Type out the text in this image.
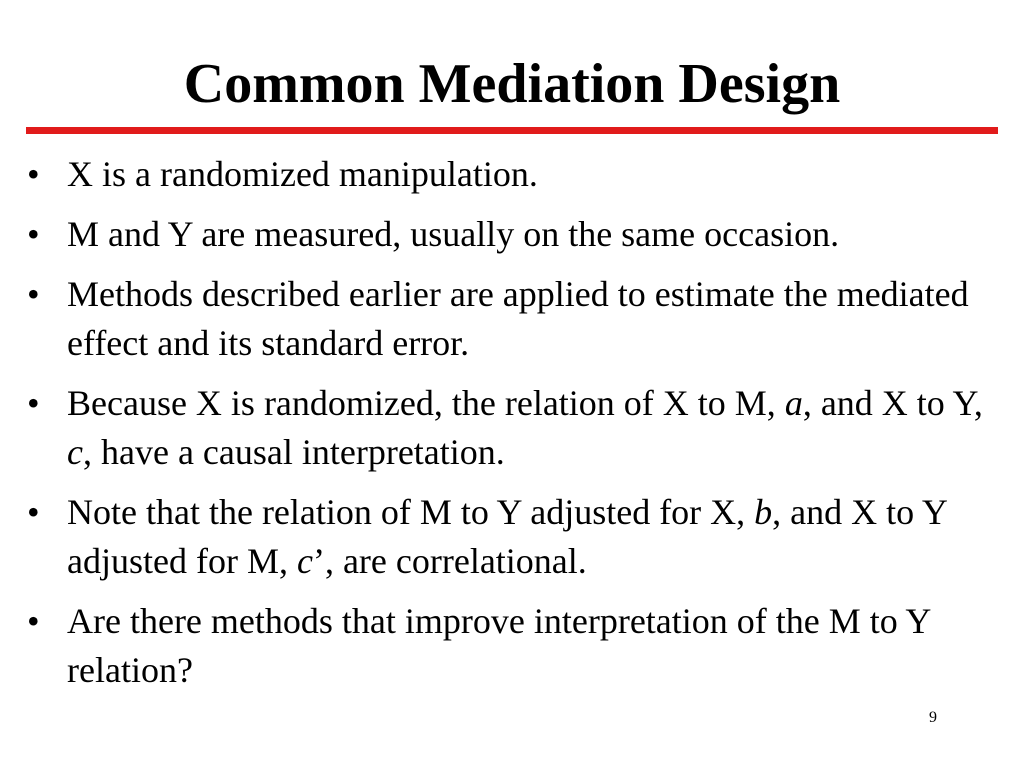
Common Mediation Design
• X is a randomized manipulation.
• M and Y are measured, usually on the same occasion.
• Methods described earlier are applied to estimate the mediated effect and its standard error.
• Because X is randomized, the relation of X to M, a, and X to Y, c, have a causal interpretation.
• Note that the relation of M to Y adjusted for X, b, and X to Y adjusted for M, c’, are correlational.
• Are there methods that improve interpretation of the M to Y relation?
9
